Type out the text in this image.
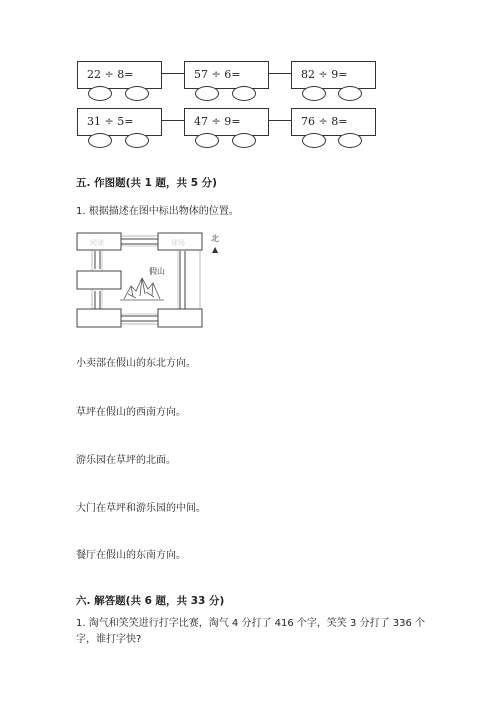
22 ÷ 8=	57 ÷ 6=	82 ÷ 9=
31 ÷ 5=	47 ÷ 9=	76 ÷ 8=
五. 作图题(共 1 题，共 5 分)
1. 根据描述在图中标出物体的位置。
阅读	球场
假山
北
▲
小卖部在假山的东北方向。
草坪在假山的西南方向。
游乐园在草坪的北面。
大门在草坪和游乐园的中间。
餐厅在假山的东南方向。
六. 解答题(共 6 题，共 33 分)
1. 淘气和笑笑进行打字比赛，淘气 4 分打了 416 个字，笑笑 3 分打了 336 个
字，谁打字快?
